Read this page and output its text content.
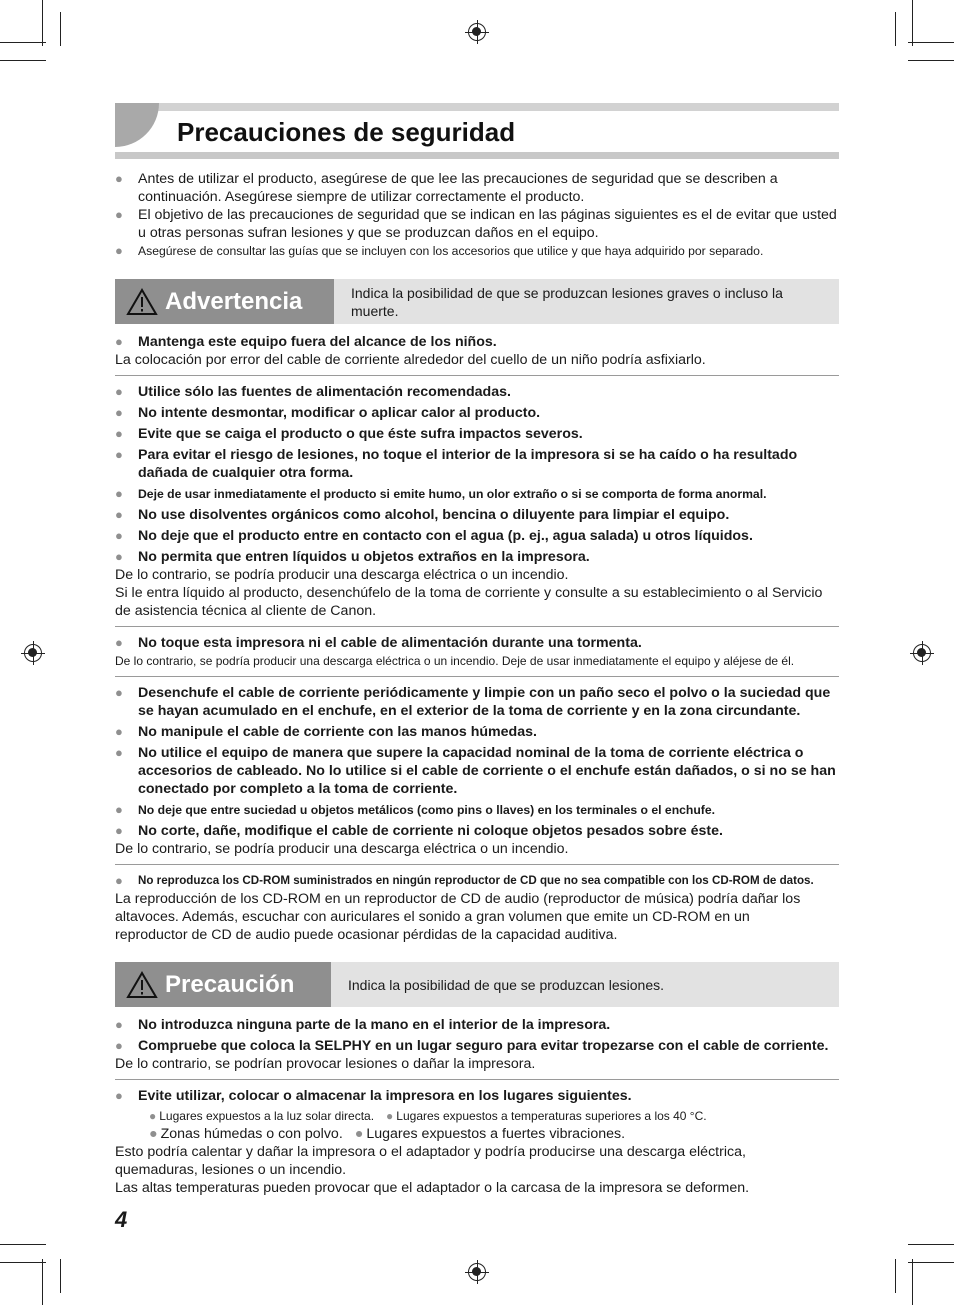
Precauciones de seguridad
●	Antes de utilizar el producto, asegúrese de que lee las precauciones de seguridad que se describen a continuación. Asegúrese siempre de utilizar correctamente el producto.
●	El objetivo de las precauciones de seguridad que se indican en las páginas siguientes es el de evitar que usted u otras personas sufran lesiones y que se produzcan daños en el equipo.
●	Asegúrese de consultar las guías que se incluyen con los accesorios que utilice y que haya adquirido por separado.
Advertencia	Indica la posibilidad de que se produzcan lesiones graves o incluso la muerte.
●	Mantenga este equipo fuera del alcance de los niños.
La colocación por error del cable de corriente alrededor del cuello de un niño podría asfixiarlo.
●	Utilice sólo las fuentes de alimentación recomendadas.
●	No intente desmontar, modificar o aplicar calor al producto.
●	Evite que se caiga el producto o que éste sufra impactos severos.
●	Para evitar el riesgo de lesiones, no toque el interior de la impresora si se ha caído o ha resultado dañada de cualquier otra forma.
●	Deje de usar inmediatamente el producto si emite humo, un olor extraño o si se comporta de forma anormal.
●	No use disolventes orgánicos como alcohol, bencina o diluyente para limpiar el equipo.
●	No deje que el producto entre en contacto con el agua (p. ej., agua salada) u otros líquidos.
●	No permita que entren líquidos u objetos extraños en la impresora.
De lo contrario, se podría producir una descarga eléctrica o un incendio.
Si le entra líquido al producto, desenchúfelo de la toma de corriente y consulte a su establecimiento o al Servicio de asistencia técnica al cliente de Canon.
●	No toque esta impresora ni el cable de alimentación durante una tormenta.
De lo contrario, se podría producir una descarga eléctrica o un incendio. Deje de usar inmediatamente el equipo y aléjese de él.
●	Desenchufe el cable de corriente periódicamente y limpie con un paño seco el polvo o la suciedad que se hayan acumulado en el enchufe, en el exterior de la toma de corriente y en la zona circundante.
●	No manipule el cable de corriente con las manos húmedas.
●	No utilice el equipo de manera que supere la capacidad nominal de la toma de corriente eléctrica o accesorios de cableado. No lo utilice si el cable de corriente o el enchufe están dañados, o si no se han conectado por completo a la toma de corriente.
●	No deje que entre suciedad u objetos metálicos (como pins o llaves) en los terminales o el enchufe.
●	No corte, dañe, modifique el cable de corriente ni coloque objetos pesados sobre éste.
De lo contrario, se podría producir una descarga eléctrica o un incendio.
●	No reproduzca los CD-ROM suministrados en ningún reproductor de CD que no sea compatible con los CD-ROM de datos.
La reproducción de los CD-ROM en un reproductor de CD de audio (reproductor de música) podría dañar los altavoces. Además, escuchar con auriculares el sonido a gran volumen que emite un CD-ROM en un reproductor de CD de audio puede ocasionar pérdidas de la capacidad auditiva.
Precaución	Indica la posibilidad de que se produzcan lesiones.
●	No introduzca ninguna parte de la mano en el interior de la impresora.
●	Compruebe que coloca la SELPHY en un lugar seguro para evitar tropezarse con el cable de corriente.
De lo contrario, se podrían provocar lesiones o dañar la impresora.
●	Evite utilizar, colocar o almacenar la impresora en los lugares siguientes.
● Lugares expuestos a la luz solar directa. ● Lugares expuestos a temperaturas superiores a los 40 °C.
● Zonas húmedas o con polvo. ● Lugares expuestos a fuertes vibraciones.
Esto podría calentar y dañar la impresora o el adaptador y podría producirse una descarga eléctrica, quemaduras, lesiones o un incendio.
Las altas temperaturas pueden provocar que el adaptador o la carcasa de la impresora se deformen.
4
